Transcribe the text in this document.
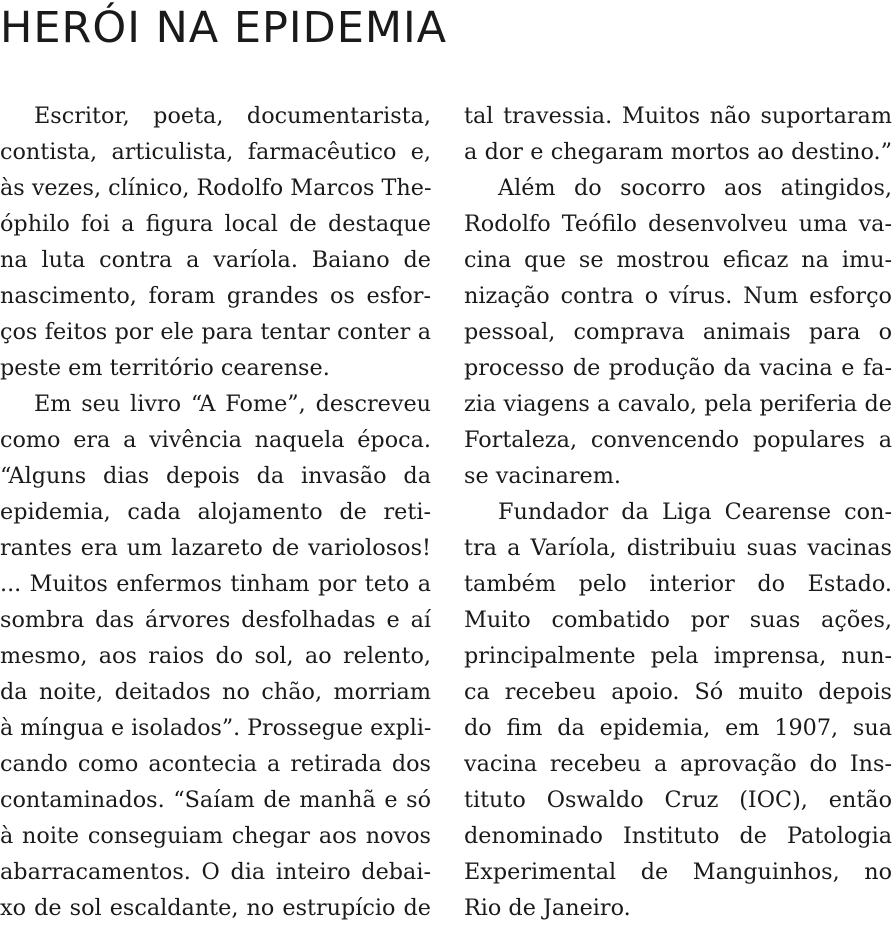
HERÓI NA EPIDEMIA
Escritor, poeta, documentarista,
contista, articulista, farmacêutico e,
às vezes, clínico, Rodolfo Marcos The-
óphilo foi a figura local de destaque
na luta contra a varíola. Baiano de
nascimento, foram grandes os esfor-
ços feitos por ele para tentar conter a
peste em território cearense.
Em seu livro “A Fome”, descreveu
como era a vivência naquela época.
“Alguns dias depois da invasão da
epidemia, cada alojamento de reti-
rantes era um lazareto de variolosos!
... Muitos enfermos tinham por teto a
sombra das árvores desfolhadas e aí
mesmo, aos raios do sol, ao relento,
da noite, deitados no chão, morriam
à míngua e isolados”. Prossegue expli-
cando como acontecia a retirada dos
contaminados. “Saíam de manhã e só
à noite conseguiam chegar aos novos
abarracamentos. O dia inteiro debai-
xo de sol escaldante, no estrupício de
tal travessia. Muitos não suportaram
a dor e chegaram mortos ao destino.”
Além do socorro aos atingidos,
Rodolfo Teófilo desenvolveu uma va-
cina que se mostrou eficaz na imu-
nização contra o vírus. Num esforço
pessoal, comprava animais para o
processo de produção da vacina e fa-
zia viagens a cavalo, pela periferia de
Fortaleza, convencendo populares a
se vacinarem.
Fundador da Liga Cearense con-
tra a Varíola, distribuiu suas vacinas
também pelo interior do Estado.
Muito combatido por suas ações,
principalmente pela imprensa, nun-
ca recebeu apoio. Só muito depois
do fim da epidemia, em 1907, sua
vacina recebeu a aprovação do Ins-
tituto Oswaldo Cruz (IOC), então
denominado Instituto de Patologia
Experimental de Manguinhos, no
Rio de Janeiro.
